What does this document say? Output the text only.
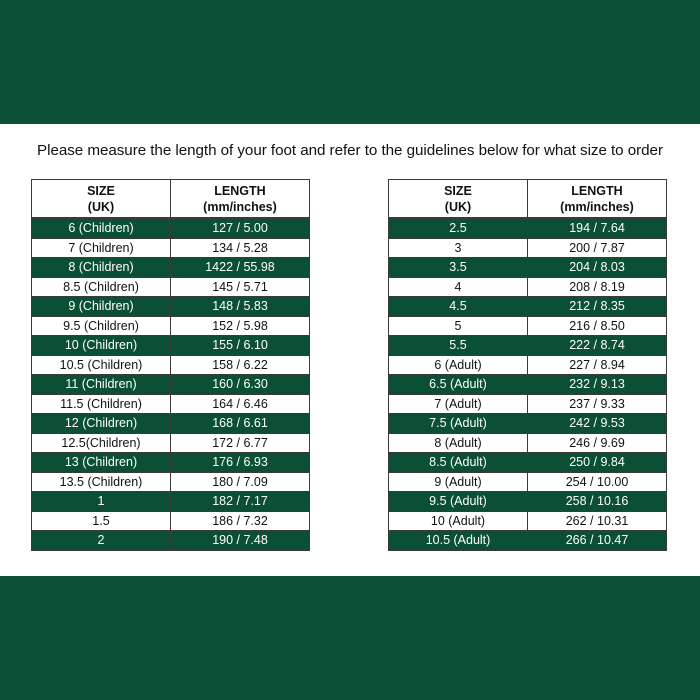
Please measure the length of your foot and refer to the guidelines below for what size to order
SIZE
(UK)	LENGTH
(mm/inches)

6 (Children)	127 / 5.00
7 (Children)	134 / 5.28
8 (Children)	1422 / 55.98
8.5 (Children)	145 / 5.71
9 (Children)	148 / 5.83
9.5 (Children)	152 / 5.98
10 (Children)	155 / 6.10
10.5 (Children)	158 / 6.22
11 (Children)	160 / 6.30
11.5 (Children)	164 / 6.46
12 (Children)	168 / 6.61
12.5(Children)	172 / 6.77
13 (Children)	176 / 6.93
13.5 (Children)	180 / 7.09
1	182 / 7.17
1.5	186 / 7.32
2	190 / 7.48
SIZE
(UK)	LENGTH
(mm/inches)

2.5	194 / 7.64
3	200 / 7.87
3.5	204 / 8.03
4	208 / 8.19
4.5	212 / 8.35
5	216 / 8.50
5.5	222 / 8.74
6 (Adult)	227 / 8.94
6.5 (Adult)	232 / 9.13
7 (Adult)	237 / 9.33
7.5 (Adult)	242 / 9.53
8 (Adult)	246 / 9.69
8.5 (Adult)	250 / 9.84
9 (Adult)	254 / 10.00
9.5 (Adult)	258 / 10.16
10 (Adult)	262 / 10.31
10.5 (Adult)	266 / 10.47
